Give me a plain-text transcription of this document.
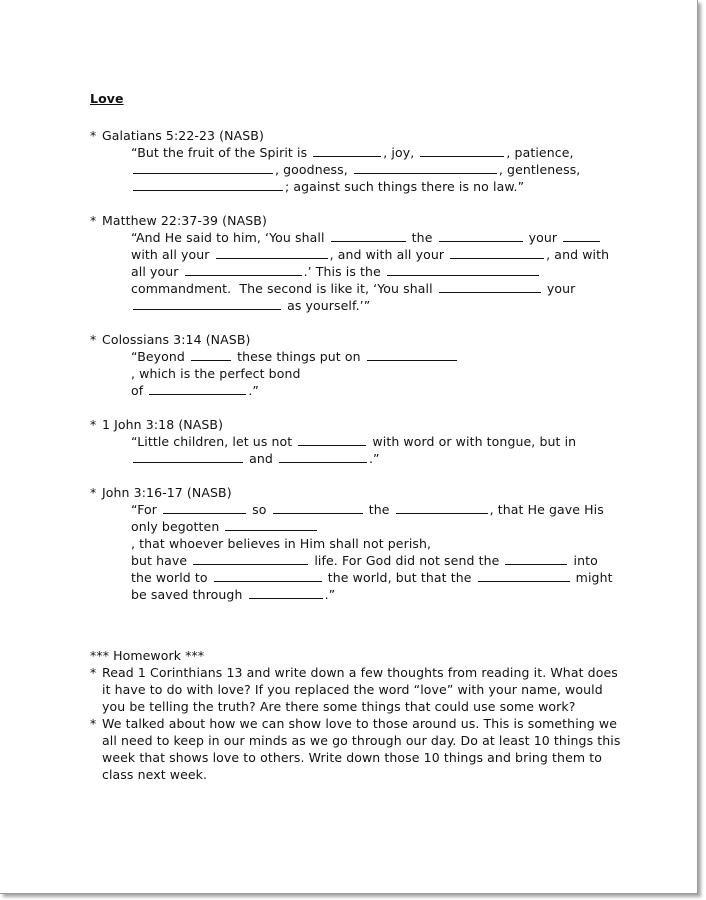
Love
* Galatians 5:22-23 (NASB)
“But the fruit of the Spirit is	, joy,	, patience,
, goodness,	, gentleness,
; against such things there is no law.”
* Matthew 22:37-39 (NASB)
“And He said to him, ‘You shall	the	your
with all your	, and with all your	, and with
all your	.’ This is the
commandment.  The second is like it, ‘You shall	your
as yourself.’”
* Colossians 3:14 (NASB)
“Beyond	these things put on , which is the perfect bond
of	.”
* 1 John 3:18 (NASB)
“Little children, let us not	with word or with tongue, but in
and	.”
* John 3:16-17 (NASB)
“For	so	the	, that He gave His
only begotten , that whoever believes in Him shall not perish,
but have	life. For God did not send the	into
the world to	the world, but that the	might
be saved through	.”
*** Homework ***
* Read 1 Corinthians 13 and write down a few thoughts from reading it. What does it have to do with love? If you replaced the word “love” with your name, would you be telling the truth? Are there some things that could use some work?
* We talked about how we can show love to those around us. This is something we all need to keep in our minds as we go through our day. Do at least 10 things this week that shows love to others. Write down those 10 things and bring them to class next week.
